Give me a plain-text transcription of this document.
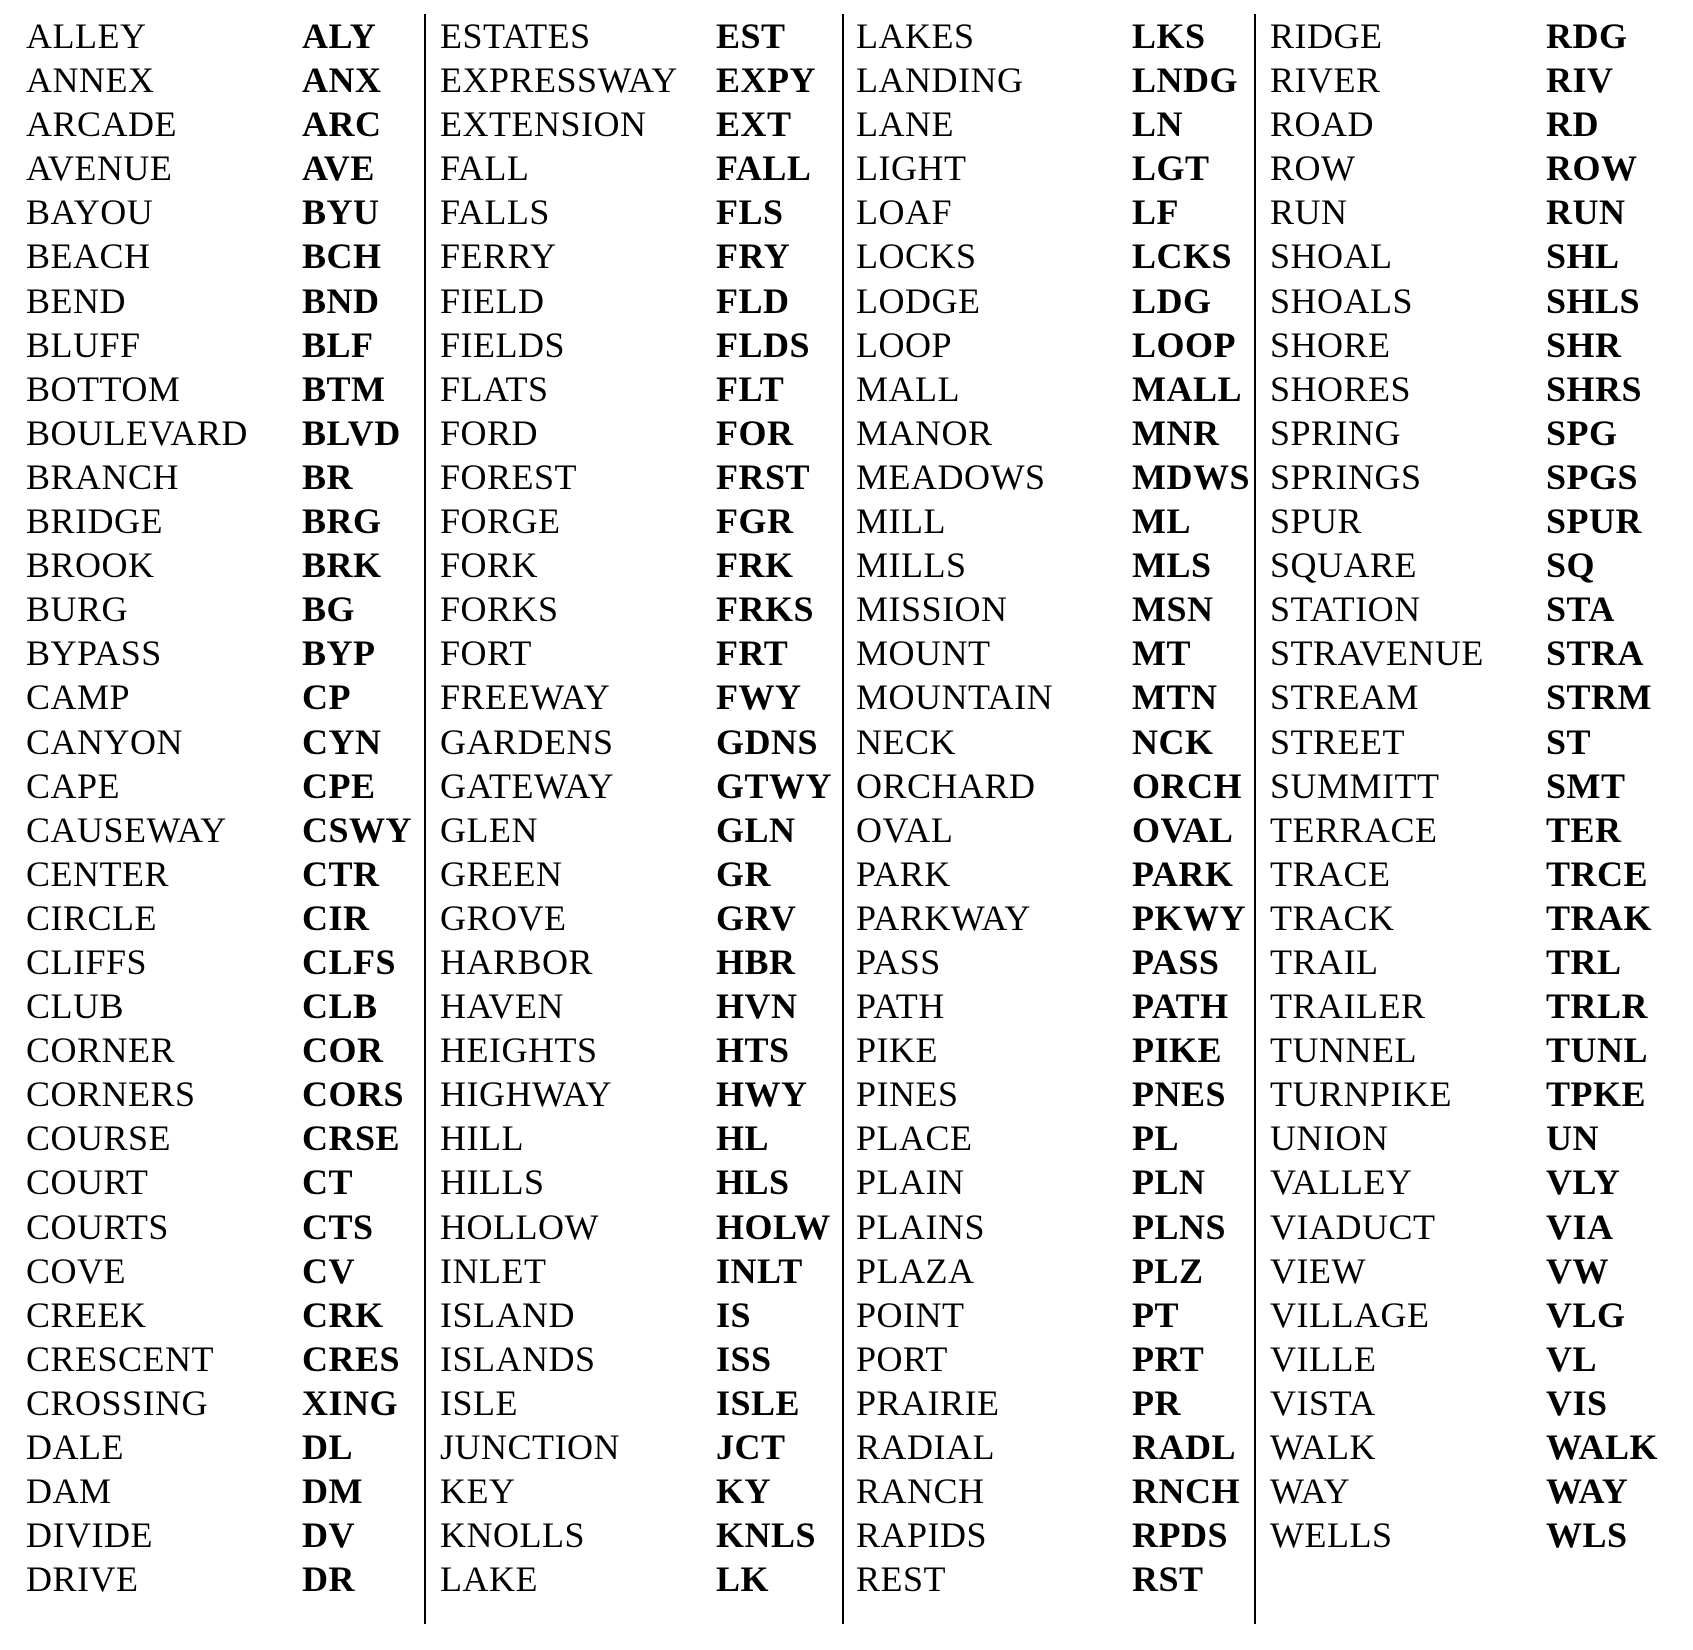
ALLEY	ALY
ANNEX	ANX
ARCADE	ARC
AVENUE	AVE
BAYOU	BYU
BEACH	BCH
BEND	BND
BLUFF	BLF
BOTTOM	BTM
BOULEVARD BLVD
BRANCH	BR
BRIDGE	BRG
BROOK	BRK
BURG	BG
BYPASS	BYP
CAMP	CP
CANYON	CYN
CAPE	CPE
CAUSEWAY CSWY
CENTER	CTR
CIRCLE	CIR
CLIFFS	CLFS
CLUB	CLB
CORNER	COR
CORNERS	CORS
COURSE	CRSE
COURT	CT
COURTS	CTS
COVE	CV
CREEK	CRK
CRESCENT CRES
CROSSING	XING
DALE	DL
DAM	DM
DIVIDE	DV
DRIVE	DR
ESTATES	EST
EXPRESSWAY EXPY
EXTENSION EXT
FALL	FALL
FALLS	FLS
FERRY	FRY
FIELD	FLD
FIELDS	FLDS
FLATS	FLT
FORD	FOR
FOREST	FRST
FORGE	FGR
FORK	FRK
FORKS	FRKS
FORT	FRT
FREEWAY	FWY
GARDENS	GDNS
GATEWAY	GTWY
GLEN	GLN
GREEN	GR
GROVE	GRV
HARBOR	HBR
HAVEN	HVN
HEIGHTS	HTS
HIGHWAY	HWY
HILL	HL
HILLS	HLS
HOLLOW	HOLW
INLET	INLT
ISLAND	IS
ISLANDS	ISS
ISLE	ISLE
JUNCTION	JCT
KEY	KY
KNOLLS	KNLS
LAKE	LK
LAKES	LKS
LANDING	LNDG
LANE	LN
LIGHT	LGT
LOAF	LF
LOCKS	LCKS
LODGE	LDG
LOOP	LOOP
MALL	MALL
MANOR	MNR
MEADOWS MDWS
MILL	ML
MILLS	MLS
MISSION	MSN
MOUNT	MT
MOUNTAIN MTN
NECK	NCK
ORCHARD	ORCH
OVAL	OVAL
PARK	PARK
PARKWAY	PKWY
PASS	PASS
PATH	PATH
PIKE	PIKE
PINES	PNES
PLACE	PL
PLAIN	PLN
PLAINS	PLNS
PLAZA	PLZ
POINT	PT
PORT	PRT
PRAIRIE	PR
RADIAL	RADL
RANCH	RNCH
RAPIDS	RPDS
REST	RST
RIDGE	RDG
RIVER	RIV
ROAD	RD
ROW	ROW
RUN	RUN
SHOAL	SHL
SHOALS	SHLS
SHORE	SHR
SHORES	SHRS
SPRING	SPG
SPRINGS	SPGS
SPUR	SPUR
SQUARE	SQ
STATION	STA
STRAVENUE STRA
STREAM	STRM
STREET	ST
SUMMITT	SMT
TERRACE	TER
TRACE	TRCE
TRACK	TRAK
TRAIL	TRL
TRAILER	TRLR
TUNNEL	TUNL
TURNPIKE	TPKE
UNION	UN
VALLEY	VLY
VIADUCT	VIA
VIEW	VW
VILLAGE	VLG
VILLE	VL
VISTA	VIS
WALK	WALK
WAY	WAY
WELLS	WLS
